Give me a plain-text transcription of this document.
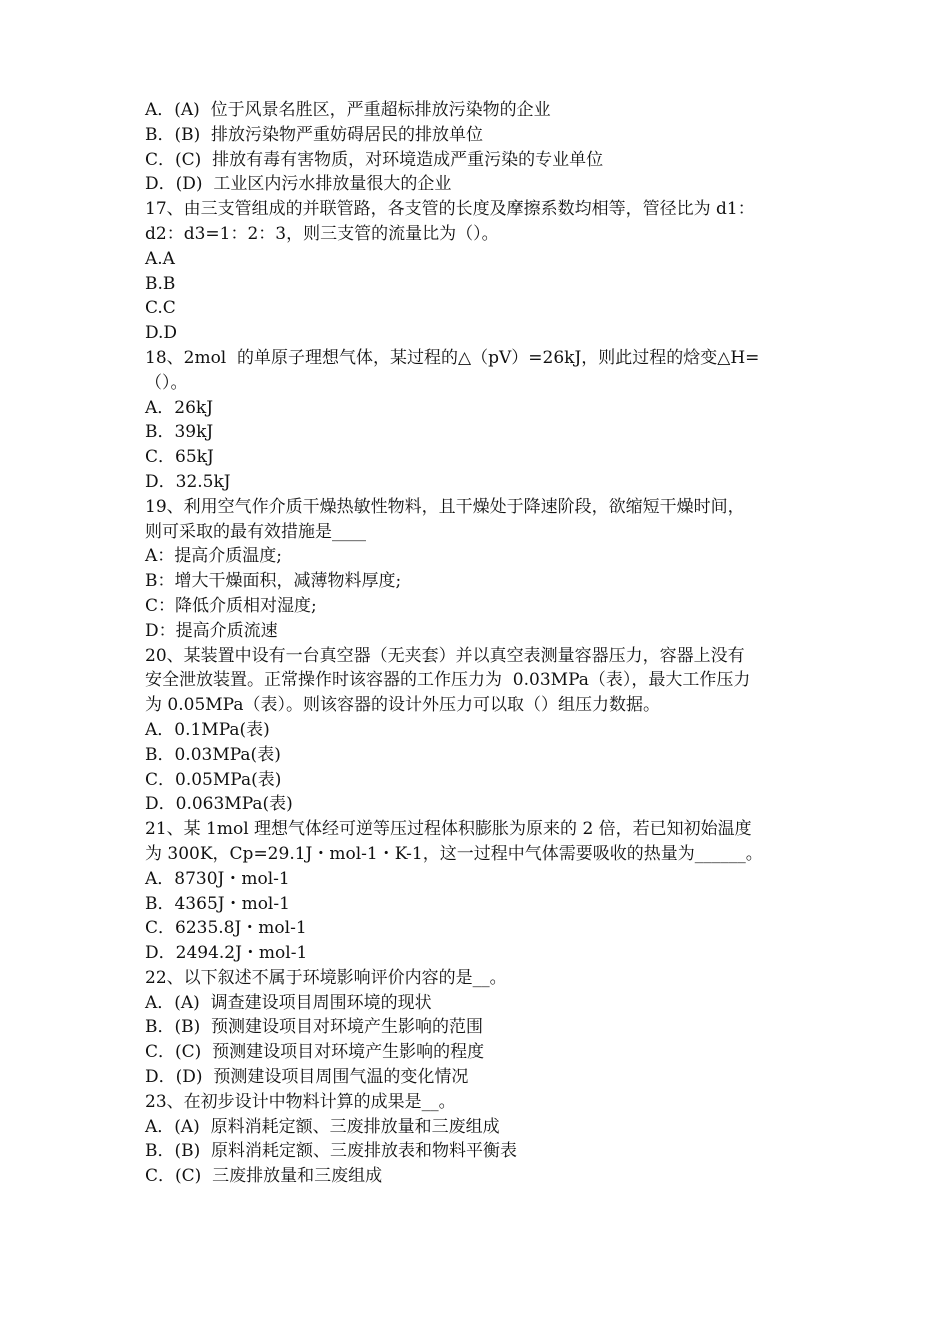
A．(A)  位于风景名胜区，严重超标排放污染物的企业
B．(B)  排放污染物严重妨碍居民的排放单位
C．(C)  排放有毒有害物质，对环境造成严重污染的专业单位
D．(D)  工业区内污水排放量很大的企业
17、由三支管组成的并联管路，各支管的长度及摩擦系数均相等，管径比为 d1：
d2：d3=1：2：3，则三支管的流量比为（）。
A.A
B.B
C.C
D.D
18、2mol  的单原子理想气体，某过程的△（pV）=26kJ，则此过程的焓变△H=
（）。
A．26kJ
B．39kJ
C．65kJ
D．32.5kJ
19、利用空气作介质干燥热敏性物料，且干燥处于降速阶段，欲缩短干燥时间，
则可采取的最有效措施是____
A：提高介质温度;
B：增大干燥面积，减薄物料厚度;
C：降低介质相对湿度;
D：提高介质流速
20、某装置中设有一台真空器（无夹套）并以真空表测量容器压力，容器上没有
安全泄放装置。正常操作时该容器的工作压力为  0.03MPa（表），最大工作压力
为 0.05MPa（表）。则该容器的设计外压力可以取（）组压力数据。
A．0.1MPa(表)
B．0.03MPa(表)
C．0.05MPa(表)
D．0.063MPa(表)
21、某 1mol 理想气体经可逆等压过程体积膨胀为原来的 2 倍，若已知初始温度
为 300K，Cp=29.1J・mol-1・K-1，这一过程中气体需要吸收的热量为______。
A．8730J・mol-1
B．4365J・mol-1
C．6235.8J・mol-1
D．2494.2J・mol-1
22、以下叙述不属于环境影响评价内容的是__。
A．(A)  调查建设项目周围环境的现状
B．(B)  预测建设项目对环境产生影响的范围
C．(C)  预测建设项目对环境产生影响的程度
D．(D)  预测建设项目周围气温的变化情况
23、在初步设计中物料计算的成果是__。
A．(A)  原料消耗定额、三废排放量和三废组成
B．(B)  原料消耗定额、三废排放表和物料平衡表
C．(C)  三废排放量和三废组成
